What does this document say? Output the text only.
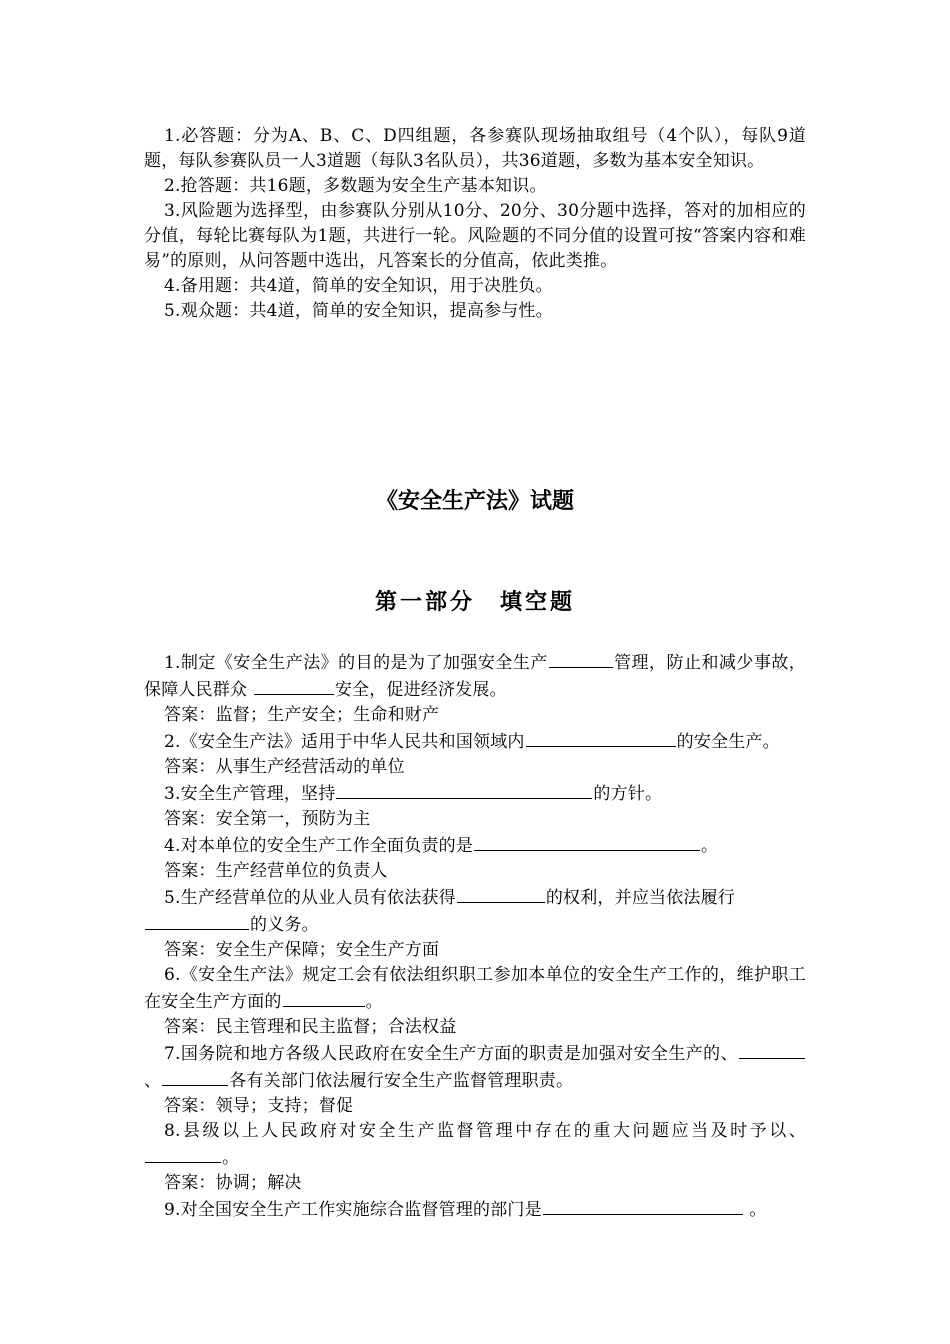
1.必答题：分为A、B、C、D四组题，各参赛队现场抽取组号（4个队），每队9道题，每队参赛队员一人3道题（每队3名队员），共36道题，多数为基本安全知识。

2.抢答题：共16题，多数题为安全生产基本知识。

3.风险题为选择型，由参赛队分别从10分、20分、30分题中选择，答对的加相应的分值，每轮比赛每队为1题，共进行一轮。风险题的不同分值的设置可按“答案内容和难易”的原则，从问答题中选出，凡答案长的分值高，依此类推。

4.备用题：共4道，简单的安全知识，用于决胜负。

5.观众题：共4道，简单的安全知识，提高参与性。

《安全生产法》试题
第一部分　填空题

1.制定《安全生产法》的目的是为了加强安全生产	管理，防止和减少事故，保障人民群众	安全，促进经济发展。

答案：监督；生产安全；生命和财产

2.《安全生产法》适用于中华人民共和国领域内	的安全生产。

答案：从事生产经营活动的单位

3.安全生产管理，坚持	的方针。

答案：安全第一，预防为主

4.对本单位的安全生产工作全面负责的是	。

答案：生产经营单位的负责人

5.生产经营单位的从业人员有依法获得	的权利，并应当依法履行
的义务。

答案：安全生产保障；安全生产方面

6.《安全生产法》规定工会有依法组织职工参加本单位的安全生产工作的，维护职工在安全生产方面的	。

答案：民主管理和民主监督；合法权益

7.国务院和地方各级人民政府在安全生产方面的职责是加强对安全生产的、、	各有关部门依法履行安全生产监督管理职责。

答案：领导；支持；督促

8.县级以上人民政府对安全生产监督管理中存在的重大问题应当及时予以、。

答案：协调；解决

9.对全国安全生产工作实施综合监督管理的部门是	。
